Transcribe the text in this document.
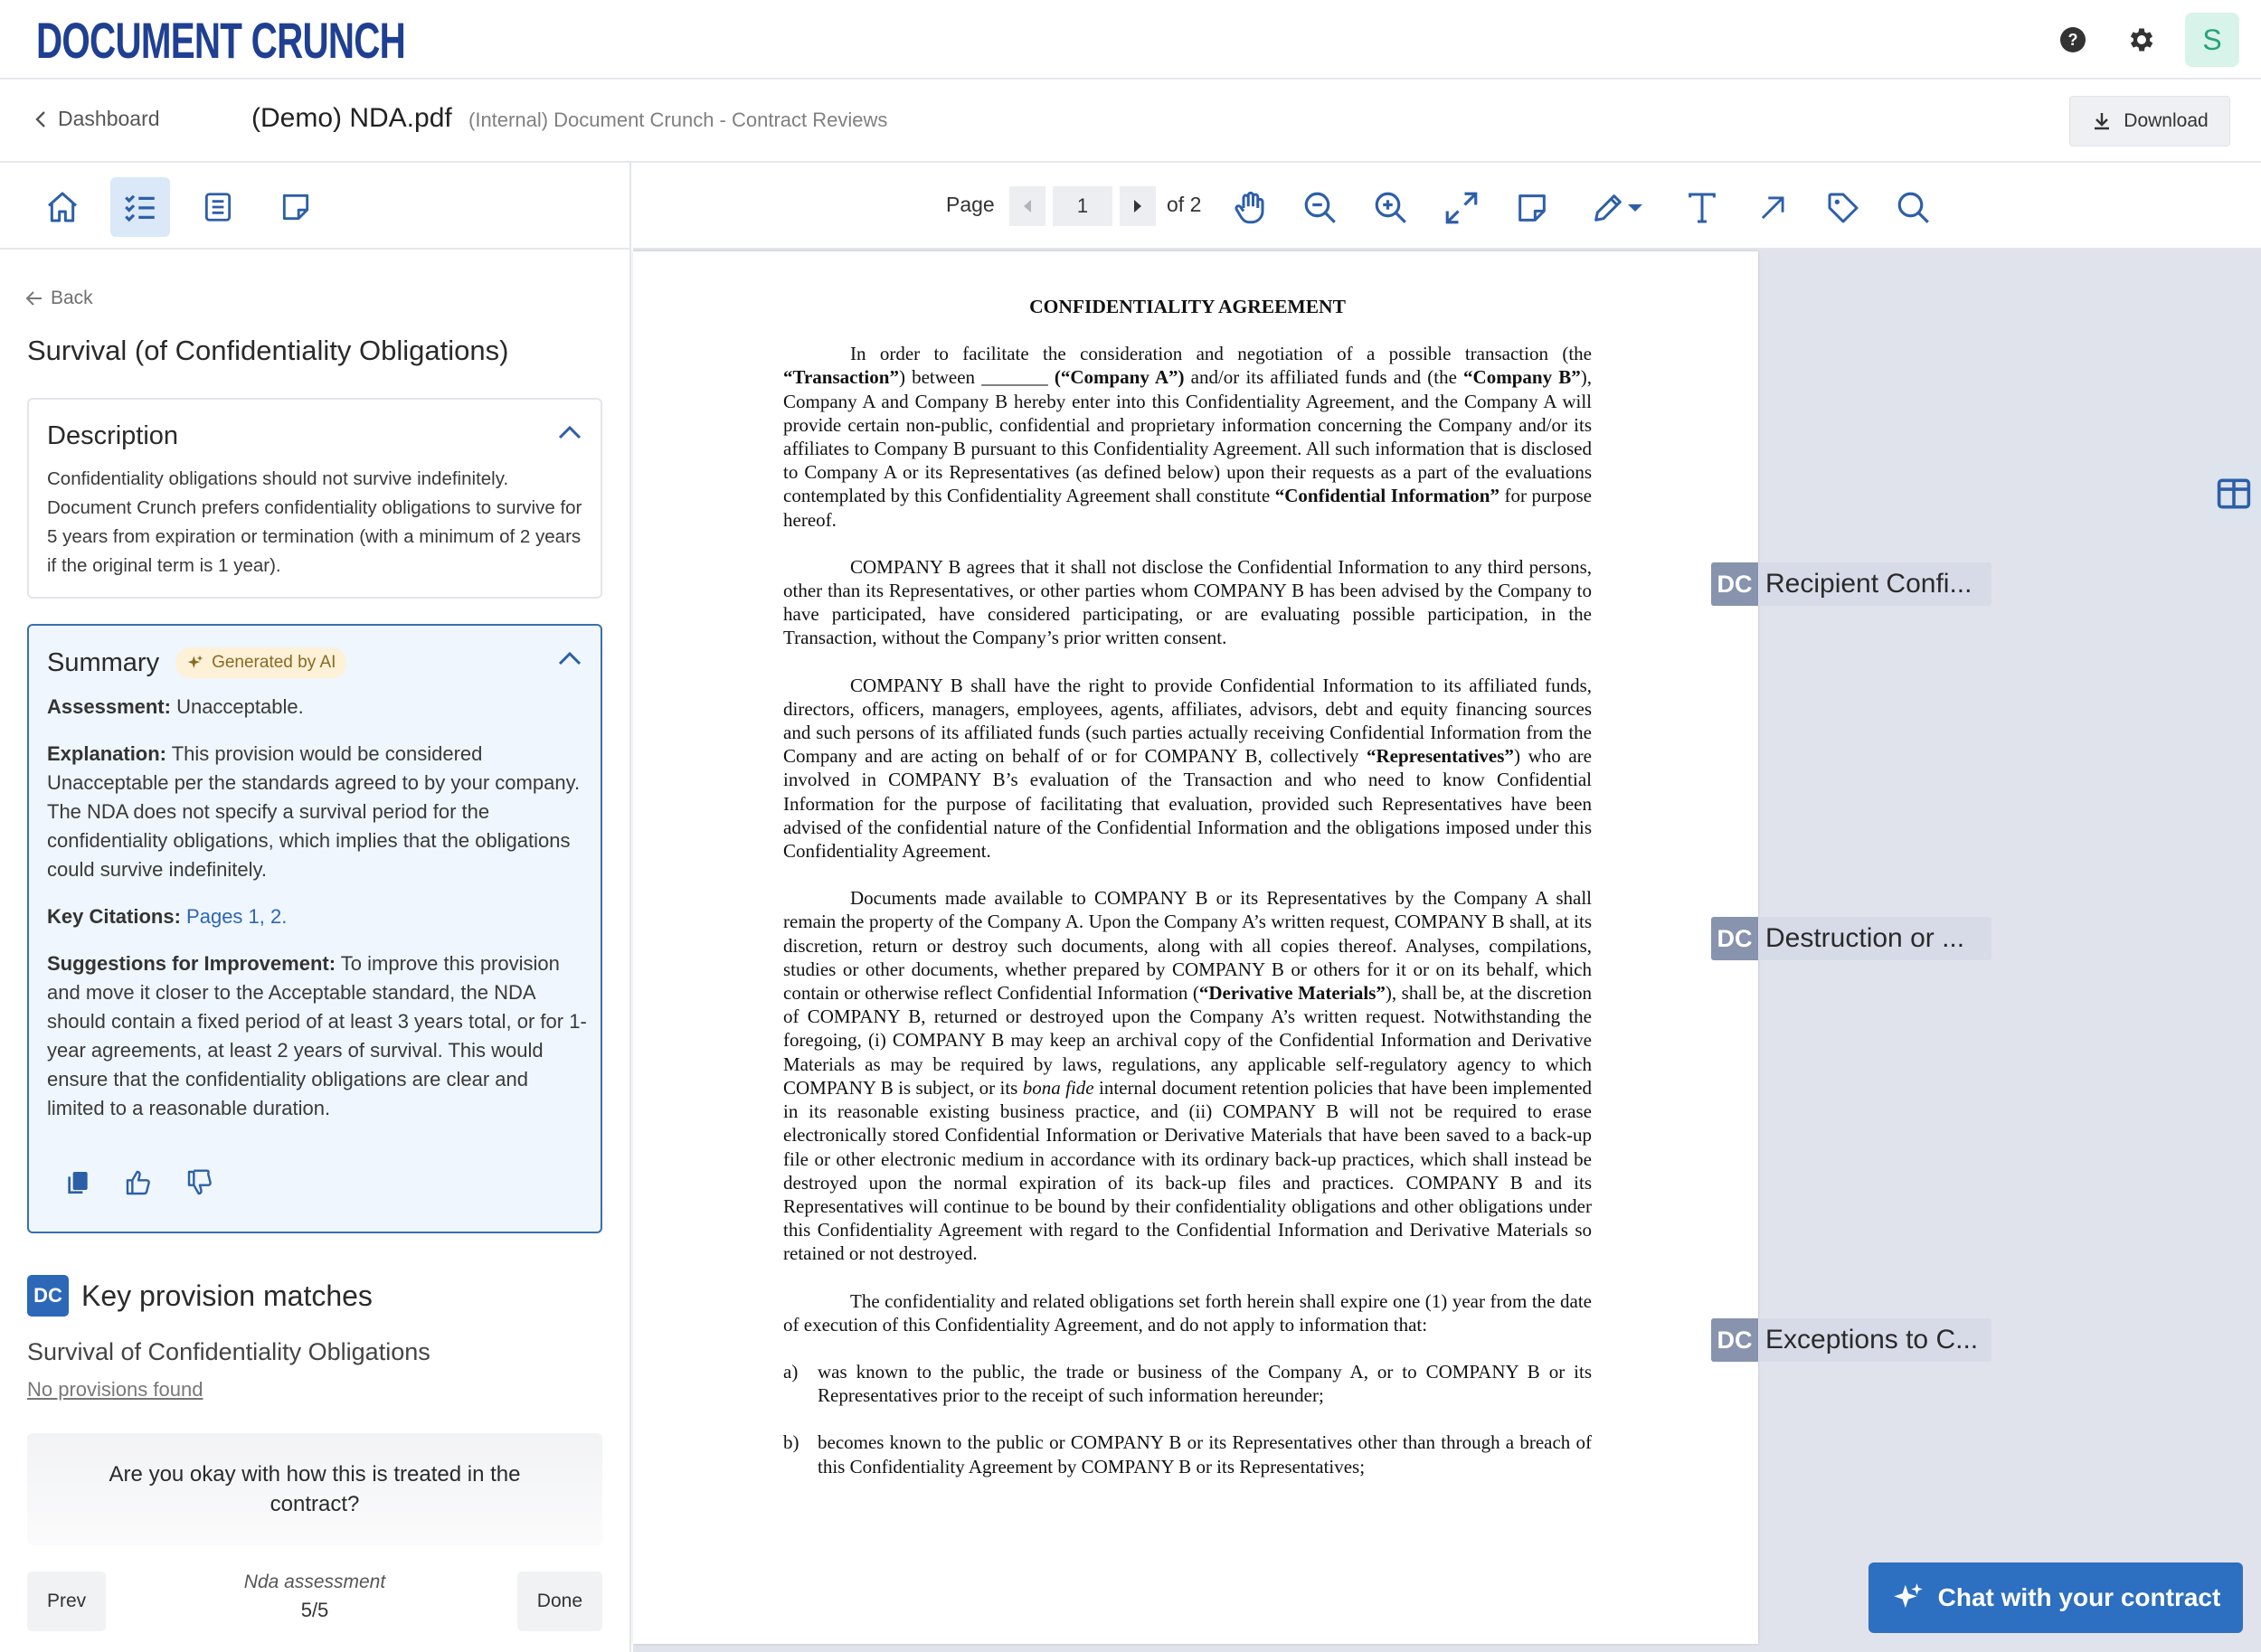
DOCUMENT CRUNCH	?	S
Dashboard	(Demo) NDA.pdf (Internal) Document Crunch - Contract Reviews	Download
Back
Survival (of Confidentiality Obligations)
Description
Confidentiality obligations should not survive indefinitely. Document Crunch prefers confidentiality obligations to survive for 5 years from expiration or termination (with a minimum of 2 years if the original term is 1 year).
Summary	Generated by AI

Assessment: Unacceptable.

Explanation: This provision would be considered Unacceptable per the standards agreed to by your company. The NDA does not specify a survival period for the confidentiality obligations, which implies that the obligations could survive indefinitely.

Key Citations: Pages 1, 2.

Suggestions for Improvement: To improve this provision and move it closer to the Acceptable standard, the NDA should contain a fixed period of at least 3 years total, or for 1-year agreements, at least 2 years of survival. This would ensure that the confidentiality obligations are clear and limited to a reasonable duration.

DC Key provision matches
Survival of Confidentiality Obligations
No provisions found
Are you okay with how this is treated in the contract?
Prev
Nda assessment
5/5	Done
Page	1	of 2
CONFIDENTIALITY AGREEMENT

In order to facilitate the consideration and negotiation of a possible transaction (the “Transaction”) between _______ (“Company A”) and/or its affiliated funds and (the “Company B”), Company A and Company B hereby enter into this Confidentiality Agreement, and the Company A will provide certain non-public, confidential and proprietary information concerning the Company and/or its affiliates to Company B pursuant to this Confidentiality Agreement. All such information that is disclosed to Company A or its Representatives (as defined below) upon their requests as a part of the evaluations contemplated by this Confidentiality Agreement shall constitute “Confidential Information” for purpose hereof.

COMPANY B agrees that it shall not disclose the Confidential Information to any third persons, other than its Representatives, or other parties whom COMPANY B has been advised by the Company to have participated, have considered participating, or are evaluating possible participation, in the Transaction, without the Company’s prior written consent.

COMPANY B shall have the right to provide Confidential Information to its affiliated funds, directors, officers, managers, employees, agents, affiliates, advisors, debt and equity financing sources and such persons of its affiliated funds (such parties actually receiving Confidential Information from the Company and are acting on behalf of or for COMPANY B, collectively “Representatives”) who are involved in COMPANY B’s evaluation of the Transaction and who need to know Confidential Information for the purpose of facilitating that evaluation, provided such Representatives have been advised of the confidential nature of the Confidential Information and the obligations imposed under this Confidentiality Agreement.

Documents made available to COMPANY B or its Representatives by the Company A shall remain the property of the Company A. Upon the Company A’s written request, COMPANY B shall, at its discretion, return or destroy such documents, along with all copies thereof. Analyses, compilations, studies or other documents, whether prepared by COMPANY B or others for it or on its behalf, which contain or otherwise reflect Confidential Information (“Derivative Materials”), shall be, at the discretion of COMPANY B, returned or destroyed upon the Company A’s written request. Notwithstanding the foregoing, (i) COMPANY B may keep an archival copy of the Confidential Information and Derivative Materials as may be required by laws, regulations, any applicable self-regulatory agency to which COMPANY B is subject, or its bona fide internal document retention policies that have been implemented in its reasonable existing business practice, and (ii) COMPANY B will not be required to erase electronically stored Confidential Information or Derivative Materials that have been saved to a back-up file or other electronic medium in accordance with its ordinary back-up practices, which shall instead be destroyed upon the normal expiration of its back-up files and practices. COMPANY B and its Representatives will continue to be bound by their confidentiality obligations and other obligations under this Confidentiality Agreement with regard to the Confidential Information and Derivative Materials so retained or not destroyed.

The confidentiality and related obligations set forth herein shall expire one (1) year from the date of execution of this Confidentiality Agreement, and do not apply to information that:

a)	was known to the public, the trade or business of the Company A, or to COMPANY B or its Representatives prior to the receipt of such information hereunder;
b) becomes known to the public or COMPANY B or its Representatives other than through a breach of this Confidentiality Agreement by COMPANY B or its Representatives;
DC Recipient Confi...
DC Destruction or ...
DC Exceptions to C...
Chat with your contract
